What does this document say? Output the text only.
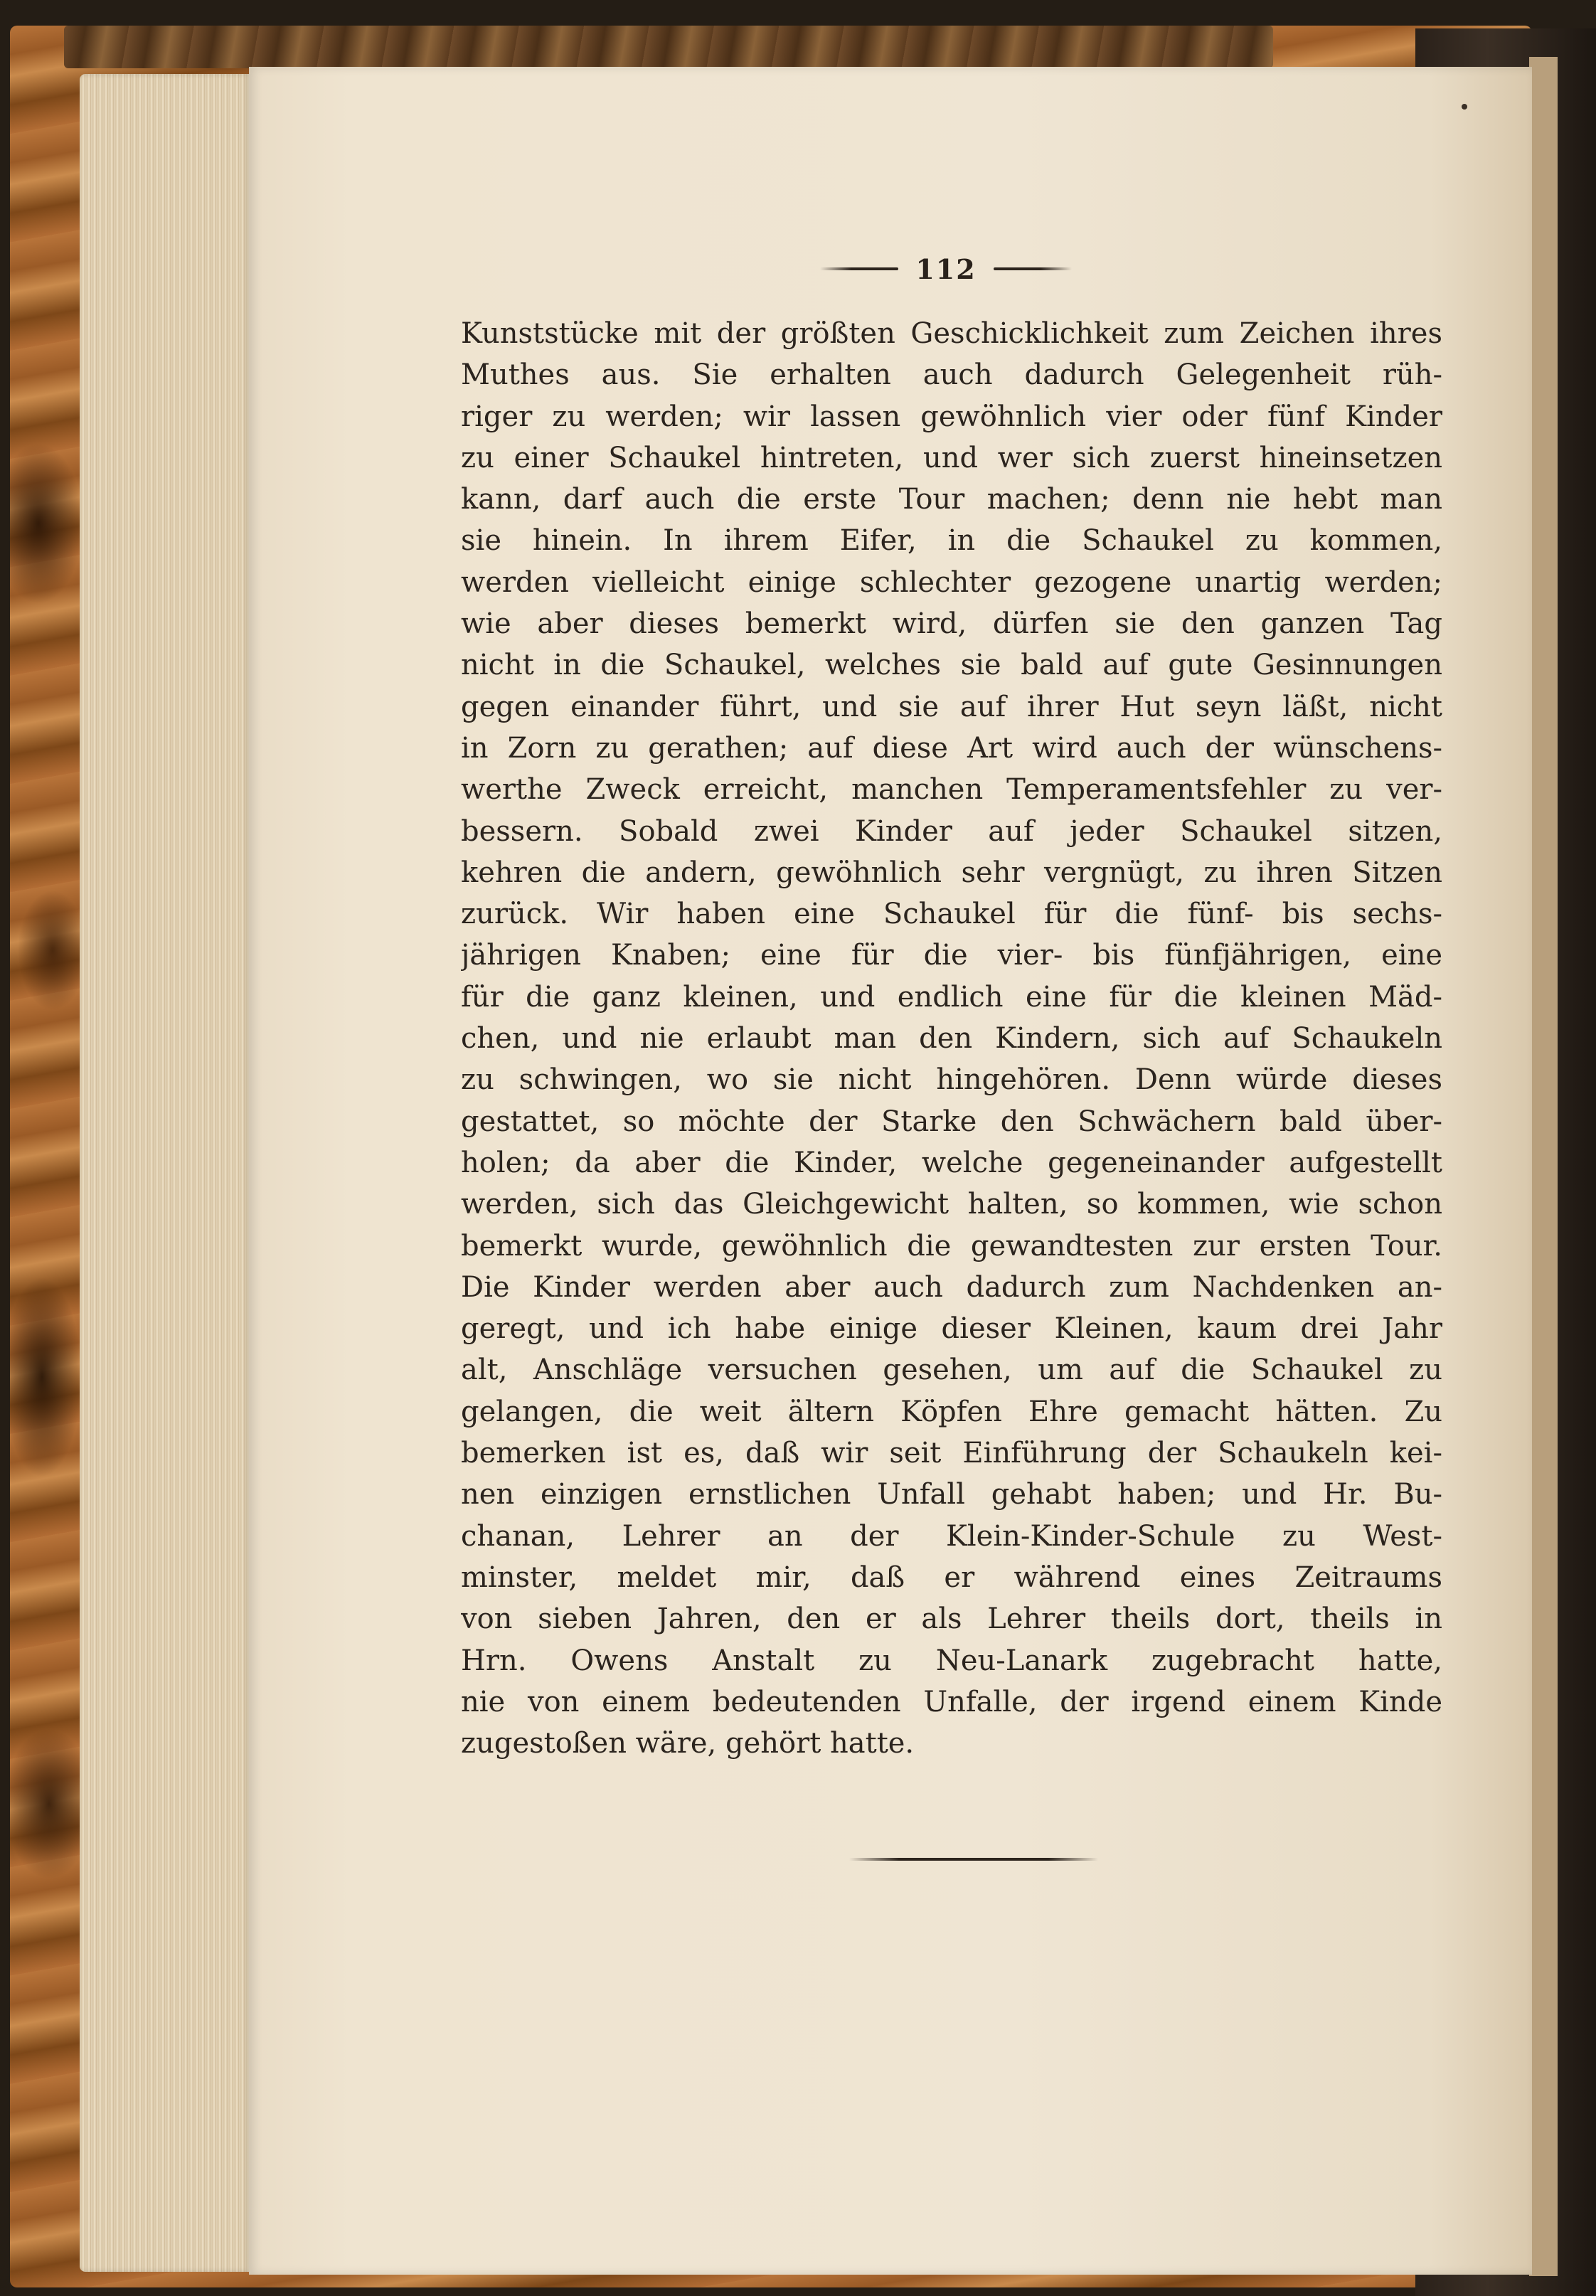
112
Kunststücke mit der größten Geschicklichkeit zum Zeichen ihres
Muthes aus. Sie erhalten auch dadurch Gelegenheit rüh-
riger zu werden; wir lassen gewöhnlich vier oder fünf Kinder
zu einer Schaukel hintreten, und wer sich zuerst hineinsetzen
kann, darf auch die erste Tour machen; denn nie hebt man
sie hinein. In ihrem Eifer, in die Schaukel zu kommen,
werden vielleicht einige schlechter gezogene unartig werden;
wie aber dieses bemerkt wird, dürfen sie den ganzen Tag
nicht in die Schaukel, welches sie bald auf gute Gesinnungen
gegen einander führt, und sie auf ihrer Hut seyn läßt, nicht
in Zorn zu gerathen; auf diese Art wird auch der wünschens-
werthe Zweck erreicht, manchen Temperamentsfehler zu ver-
bessern. Sobald zwei Kinder auf jeder Schaukel sitzen,
kehren die andern, gewöhnlich sehr vergnügt, zu ihren Sitzen
zurück. Wir haben eine Schaukel für die fünf- bis sechs-
jährigen Knaben; eine für die vier- bis fünfjährigen, eine
für die ganz kleinen, und endlich eine für die kleinen Mäd-
chen, und nie erlaubt man den Kindern, sich auf Schaukeln
zu schwingen, wo sie nicht hingehören. Denn würde dieses
gestattet, so möchte der Starke den Schwächern bald über-
holen; da aber die Kinder, welche gegeneinander aufgestellt
werden, sich das Gleichgewicht halten, so kommen, wie schon
bemerkt wurde, gewöhnlich die gewandtesten zur ersten Tour.
Die Kinder werden aber auch dadurch zum Nachdenken an-
geregt, und ich habe einige dieser Kleinen, kaum drei Jahr
alt, Anschläge versuchen gesehen, um auf die Schaukel zu
gelangen, die weit ältern Köpfen Ehre gemacht hätten. Zu
bemerken ist es, daß wir seit Einführung der Schaukeln kei-
nen einzigen ernstlichen Unfall gehabt haben; und Hr. Bu-
chanan, Lehrer an der Klein-Kinder-Schule zu West-
minster, meldet mir, daß er während eines Zeitraums
von sieben Jahren, den er als Lehrer theils dort, theils in
Hrn. Owens Anstalt zu Neu-Lanark zugebracht hatte,
nie von einem bedeutenden Unfalle, der irgend einem Kinde
zugestoßen wäre, gehört hatte.
